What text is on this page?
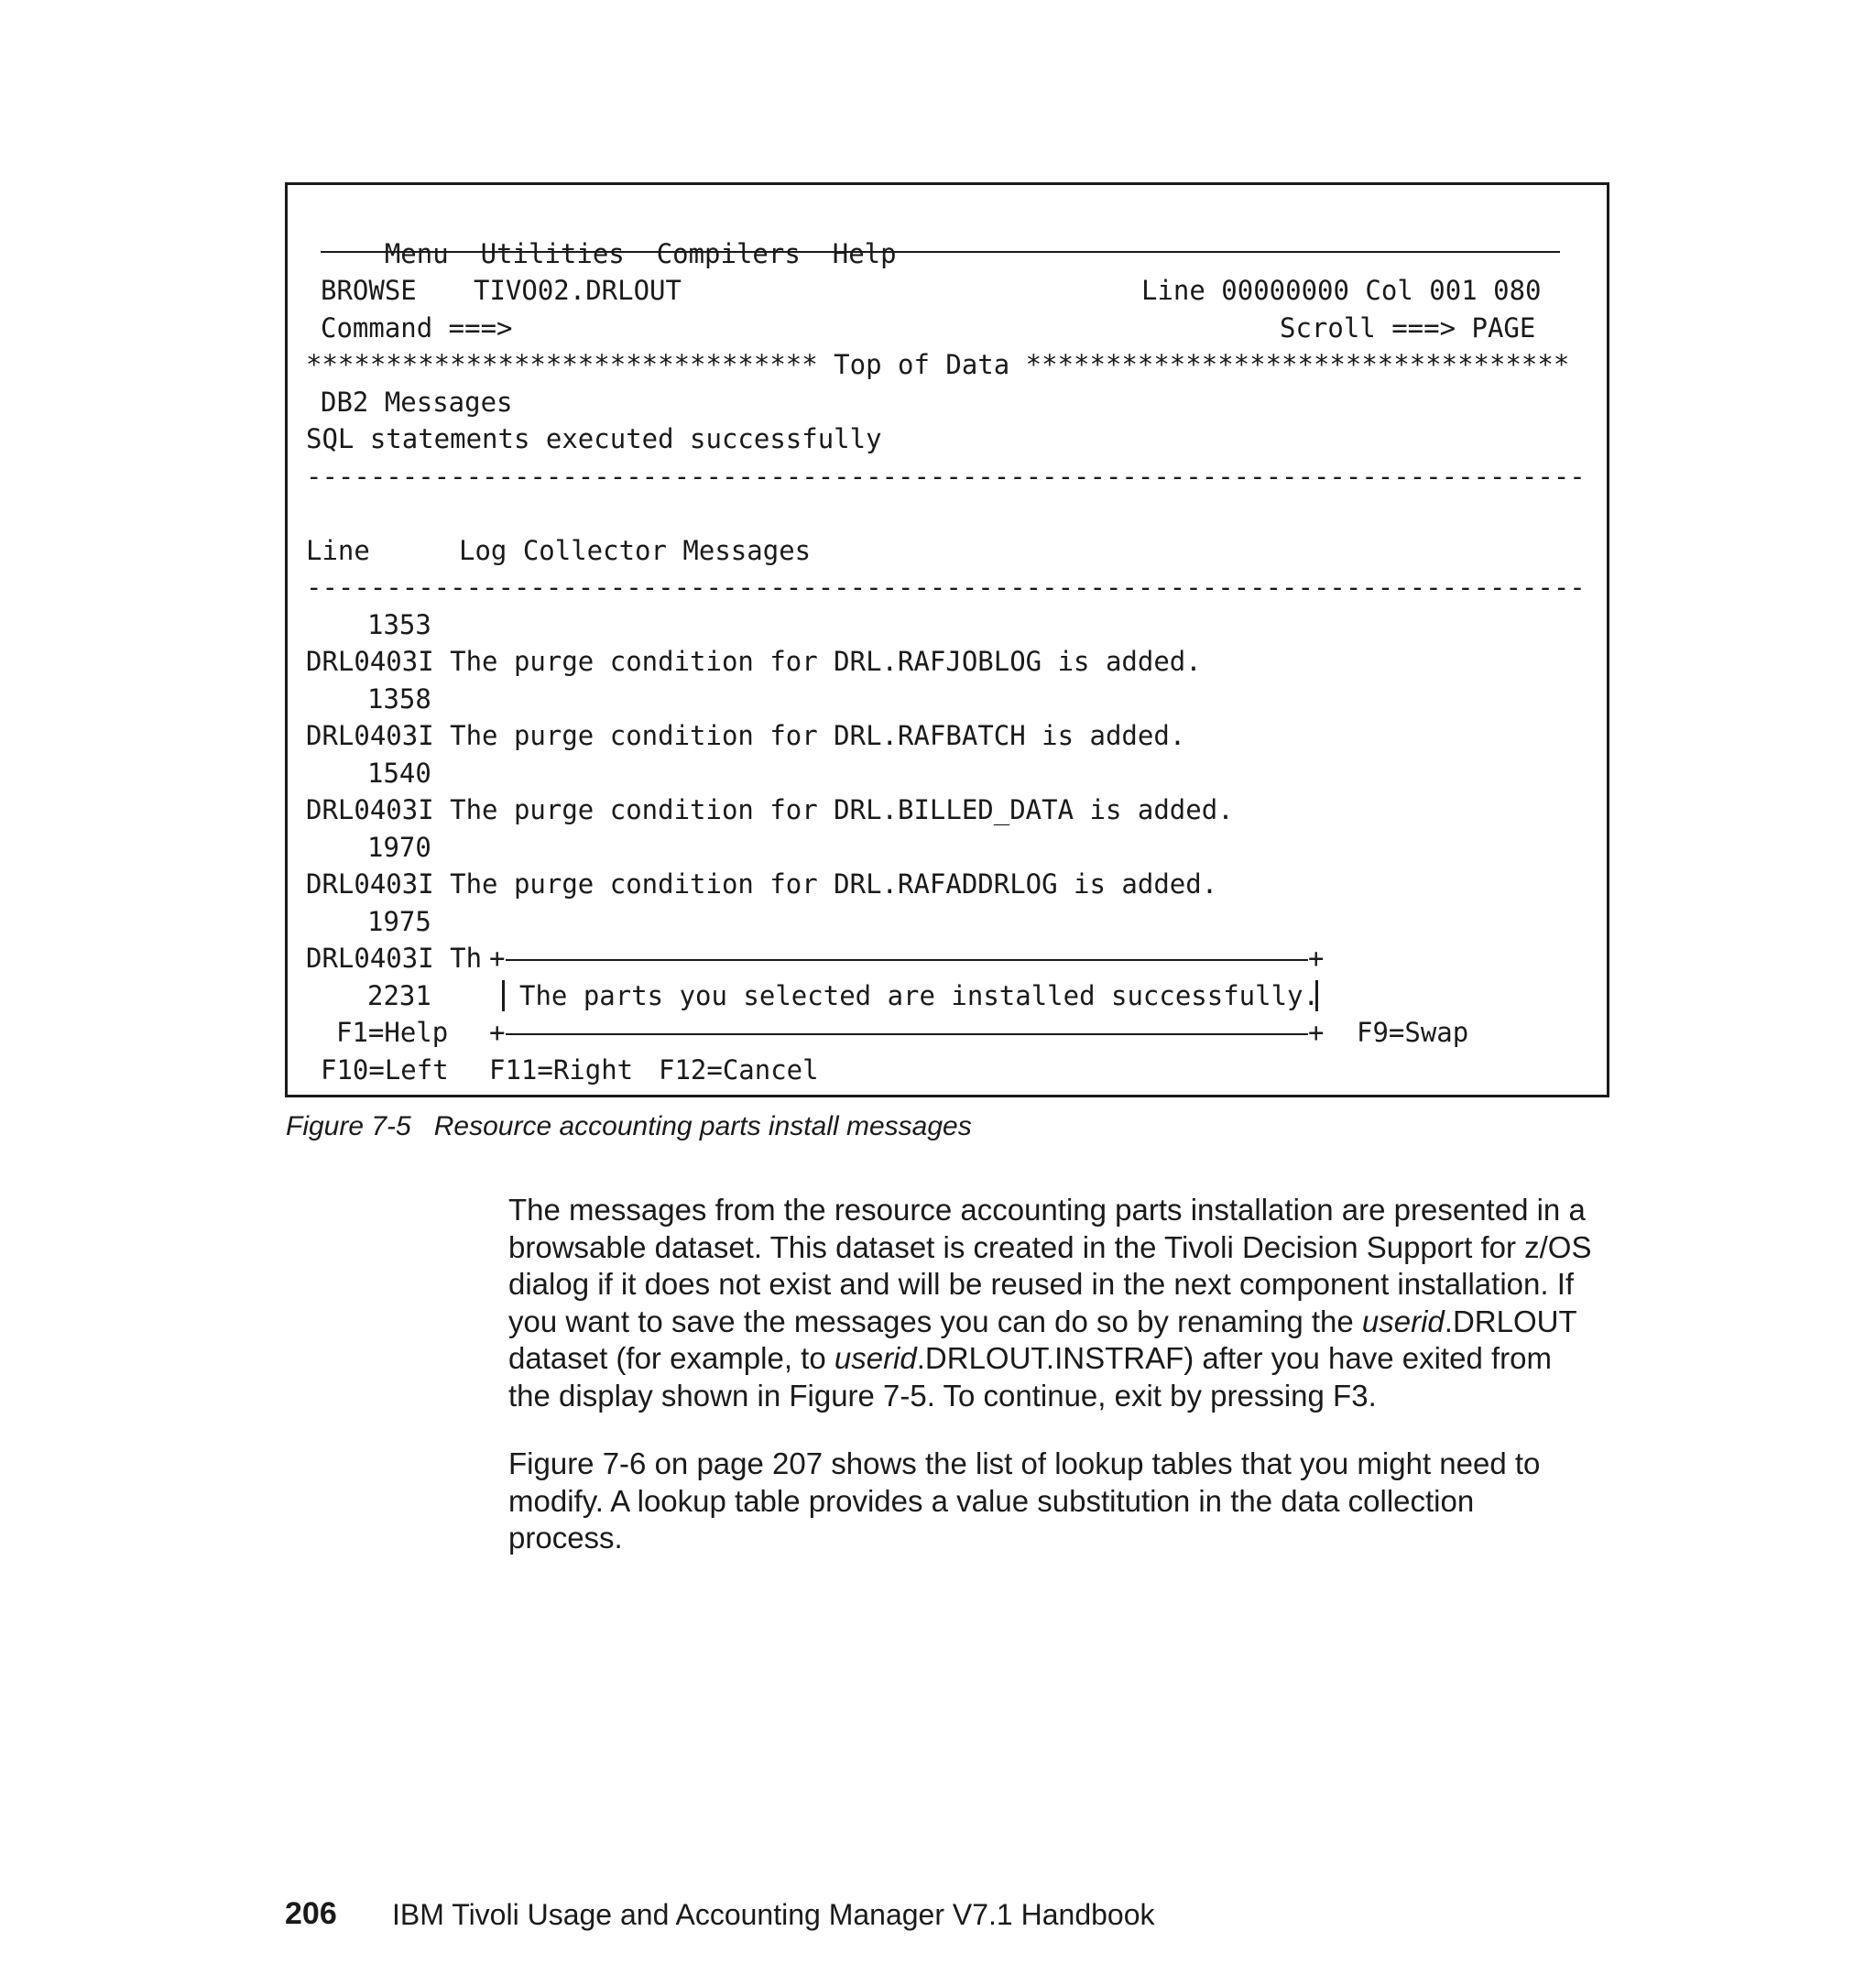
Menu Utilities Compilers Help

BROWSE TIVO02.DRLOUT	Line 00000000 Col 001 080
Command ===>	Scroll ===> PAGE
******************************** Top of Data **********************************
DB2 Messages
SQL statements executed successfully
--------------------------------------------------------------------------------
Line	Log Collector Messages
--------------------------------------------------------------------------------
1353
DRL0403I The purge condition for DRL.RAFJOBLOG is added.
1358
DRL0403I The purge condition for DRL.RAFBATCH is added.
1540
DRL0403I The purge condition for DRL.BILLED_DATA is added.
1970
DRL0403I The purge condition for DRL.RAFADDRLOG is added.
1975
DRL0403I Th
2231
+	+
The parts you selected are installed successfully.
+	+
F1=Help	F9=Swap
F10=Left F11=Right F12=Cancel
Figure 7-5   Resource accounting parts install messages
The messages from the resource accounting parts installation are presented in a
browsable dataset. This dataset is created in the Tivoli Decision Support for z/OS
dialog if it does not exist and will be reused in the next component installation. If
you want to save the messages you can do so by renaming the userid.DRLOUT
dataset (for example, to userid.DRLOUT.INSTRAF) after you have exited from
the display shown in Figure 7-5. To continue, exit by pressing F3.
Figure 7-6 on page 207 shows the list of lookup tables that you might need to
modify. A lookup table provides a value substitution in the data collection
process.
206 IBM Tivoli Usage and Accounting Manager V7.1 Handbook
